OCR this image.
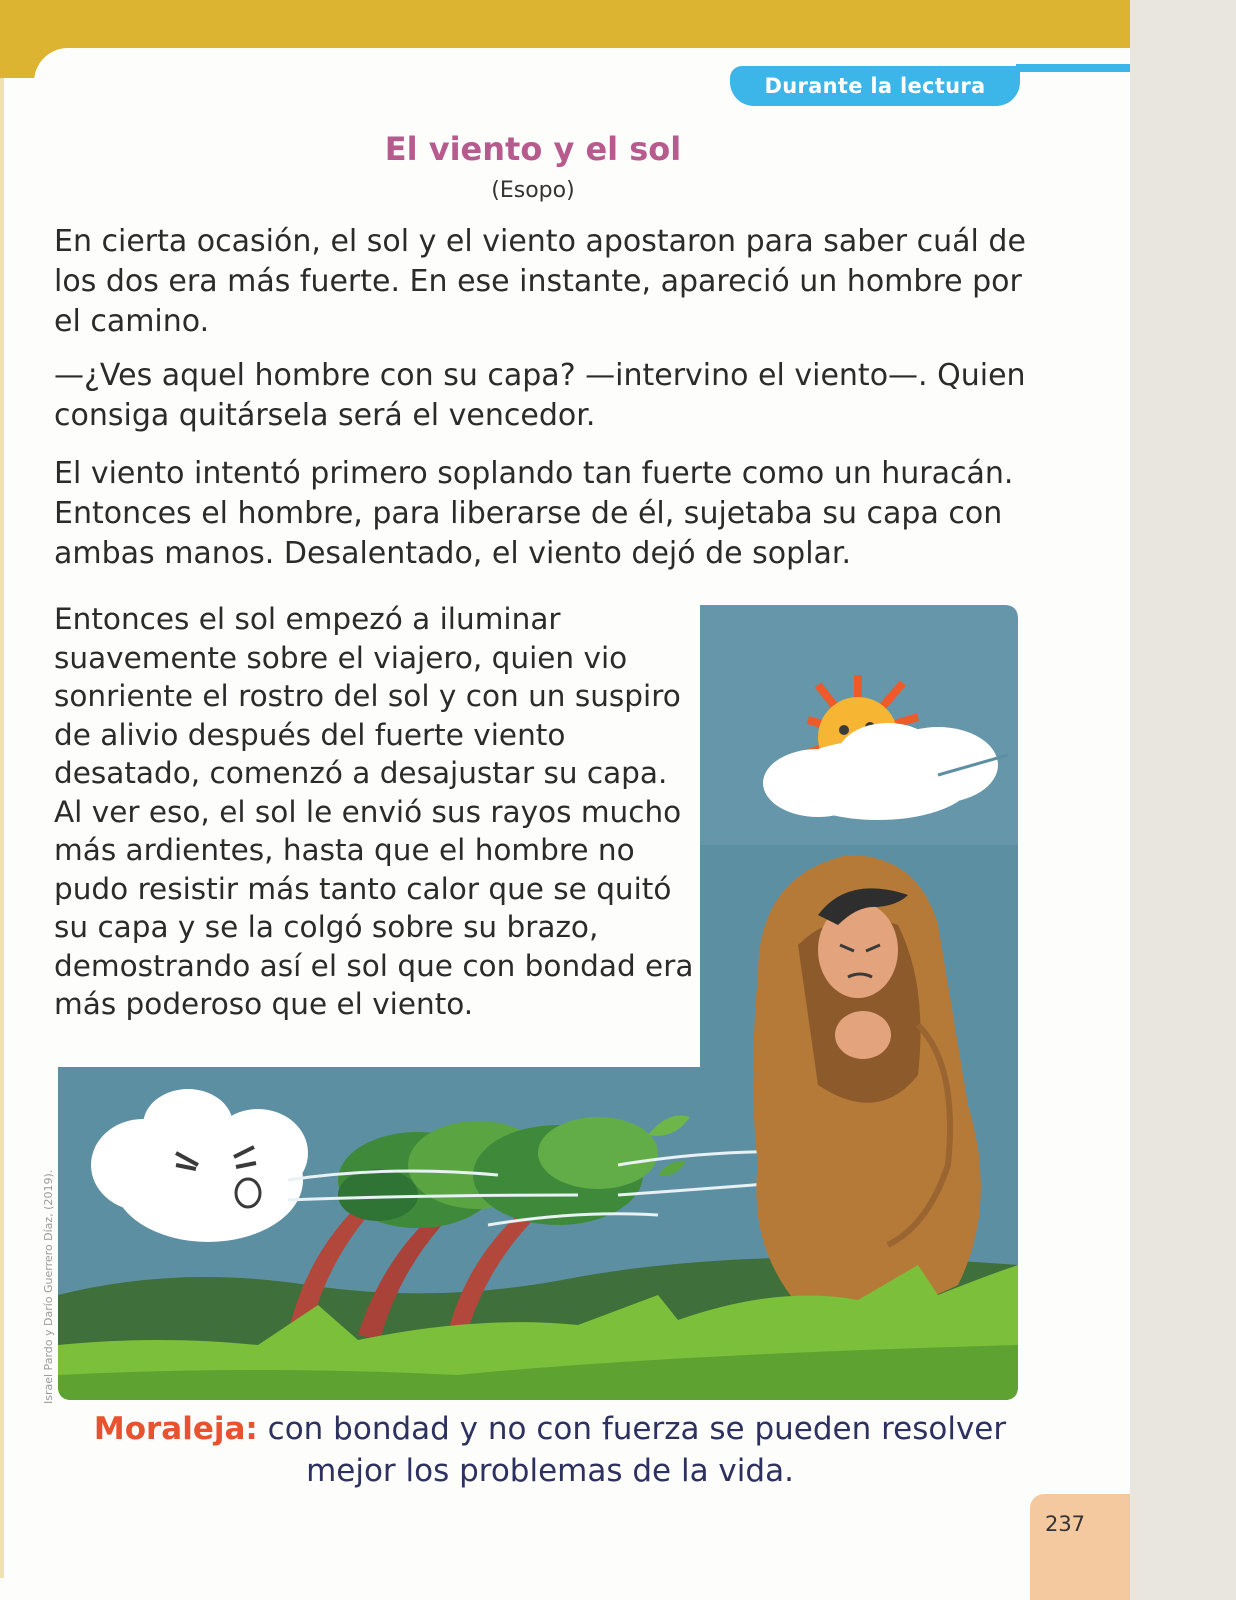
Durante la lectura
El viento y el sol
(Esopo)

En cierta ocasión, el sol y el viento apostaron para saber cuál de los dos era más fuerte. En ese instante, apareció un hombre por el camino.

—¿Ves aquel hombre con su capa? —intervino el viento—. Quien consiga quitársela será el vencedor.

El viento intentó primero soplando tan fuerte como un huracán. Entonces el hombre, para liberarse de él, sujetaba su capa con ambas manos. Desalentado, el viento dejó de soplar.

Entonces el sol empezó a iluminar suavemente sobre el viajero, quien vio sonriente el rostro del sol y con un suspiro de alivio después del fuerte viento desatado, comenzó a desajustar su capa. Al ver eso, el sol le envió sus rayos mucho más ardientes, hasta que el hombre no pudo resistir más tanto calor que se quitó su capa y se la colgó sobre su brazo, demostrando así el sol que con bondad era más poderoso que el viento.

Moraleja: con bondad y no con fuerza se pueden resolver mejor los problemas de la vida.

237
